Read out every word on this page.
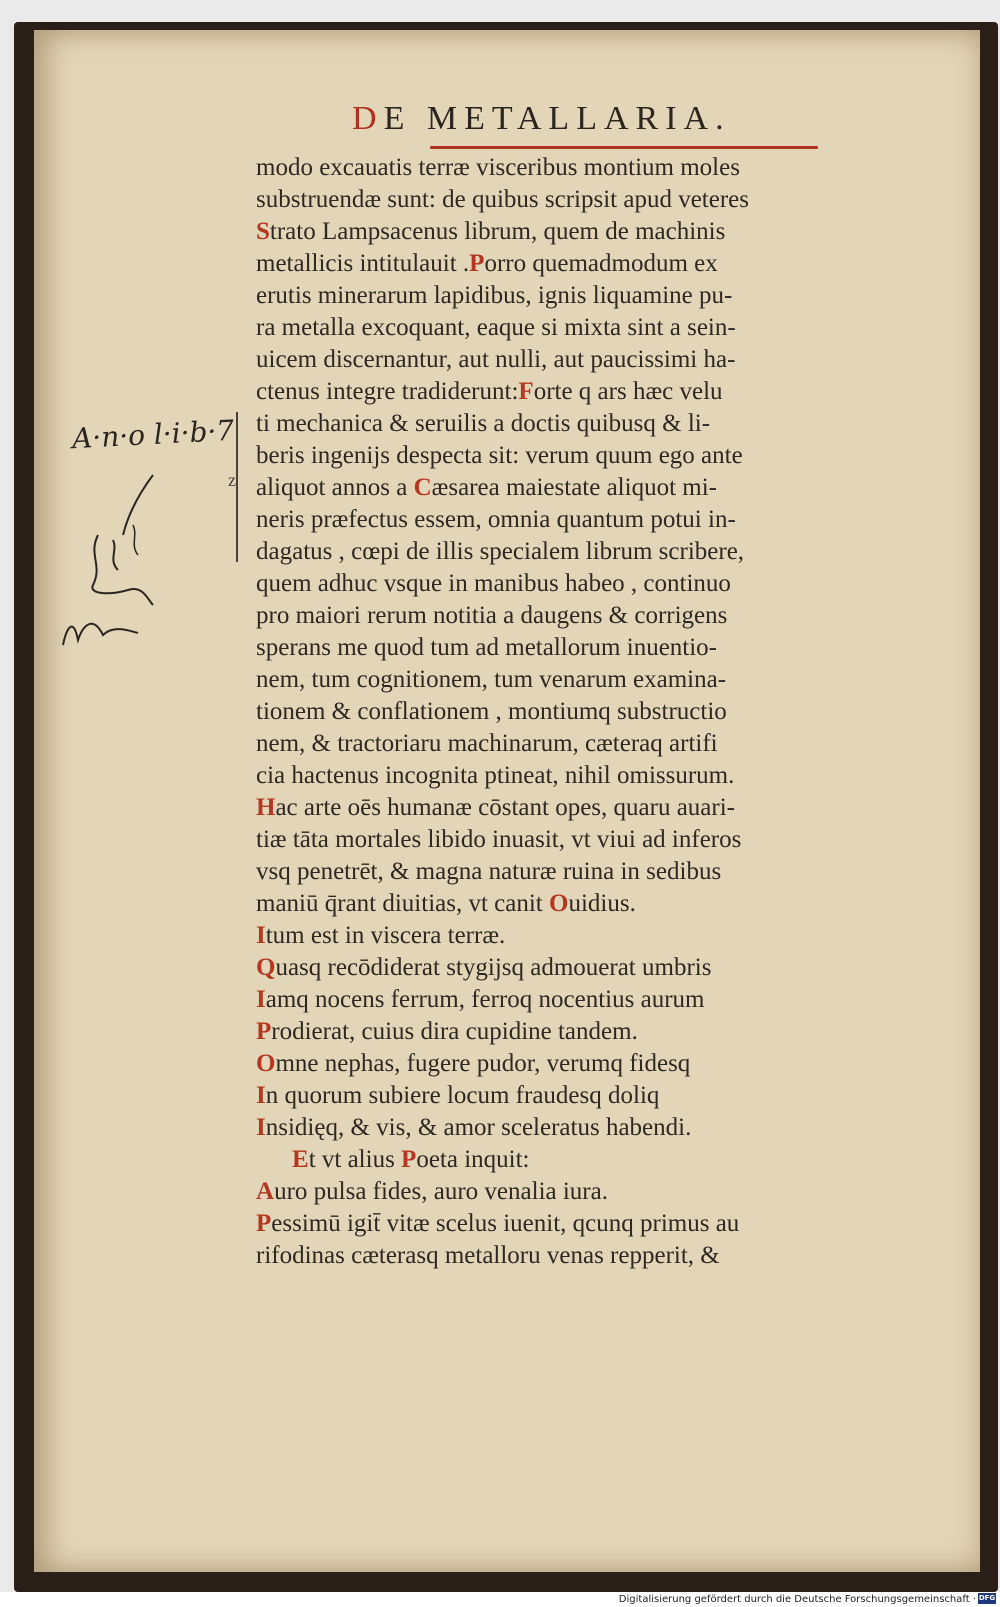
DE METALLARIA.
A·n·o l·i·b·7
z
modo excauatis terræ visceribus montium moles
substruendæ sunt: de quibus scripsit apud veteres
Strato Lampsacenus librum, quem de machinis
metallicis intitulauit .Porro quemadmodum ex
erutis minerarum lapidibus, ignis liquamine pu-
ra metalla excoquant, eaque si mixta sint a sein-
uicem discernantur, aut nulli, aut paucissimi ha-
ctenus integre tradiderunt:Forte q ars hæc velu
ti mechanica & seruilis a doctis quibusq & li-
beris ingenijs despecta sit: verum quum ego ante
aliquot annos a Cæsarea maiestate aliquot mi-
neris præfectus essem, omnia quantum potui in-
dagatus , cœpi de illis specialem librum scribere,
quem adhuc vsque in manibus habeo , continuo
pro maiori rerum notitia a daugens & corrigens
sperans me quod tum ad metallorum inuentio-
nem, tum cognitionem, tum venarum examina-
tionem & conflationem , montiumq substructio
nem, & tractoriaru machinarum, cæteraq artifi
cia hactenus incognita ptineat, nihil omissurum.
Hac arte oēs humanæ cōstant opes, quaru auari-
tiæ tāta mortales libido inuasit, vt viui ad inferos
vsq penetrēt, & magna naturæ ruina in sedibus
maniū q̄rant diuitias, vt canit Ouidius.
Itum est in viscera terræ.
Quasq recōdiderat stygijsq admouerat umbris
Iamq nocens ferrum, ferroq nocentius aurum
Prodierat, cuius dira cupidine tandem.
Omne nephas, fugere pudor, verumq fidesq
In quorum subiere locum fraudesq doliq
Insidięq, & vis, & amor sceleratus habendi.
Et vt alius Poeta inquit:
Auro pulsa fides, auro venalia iura.
Pessimū igit̄ vitæ scelus iuenit, qcunq primus au
rifodinas cæterasq metalloru venas repperit, &
Digitalisierung gefördert durch die Deutsche Forschungsgemeinschaft · DFG
